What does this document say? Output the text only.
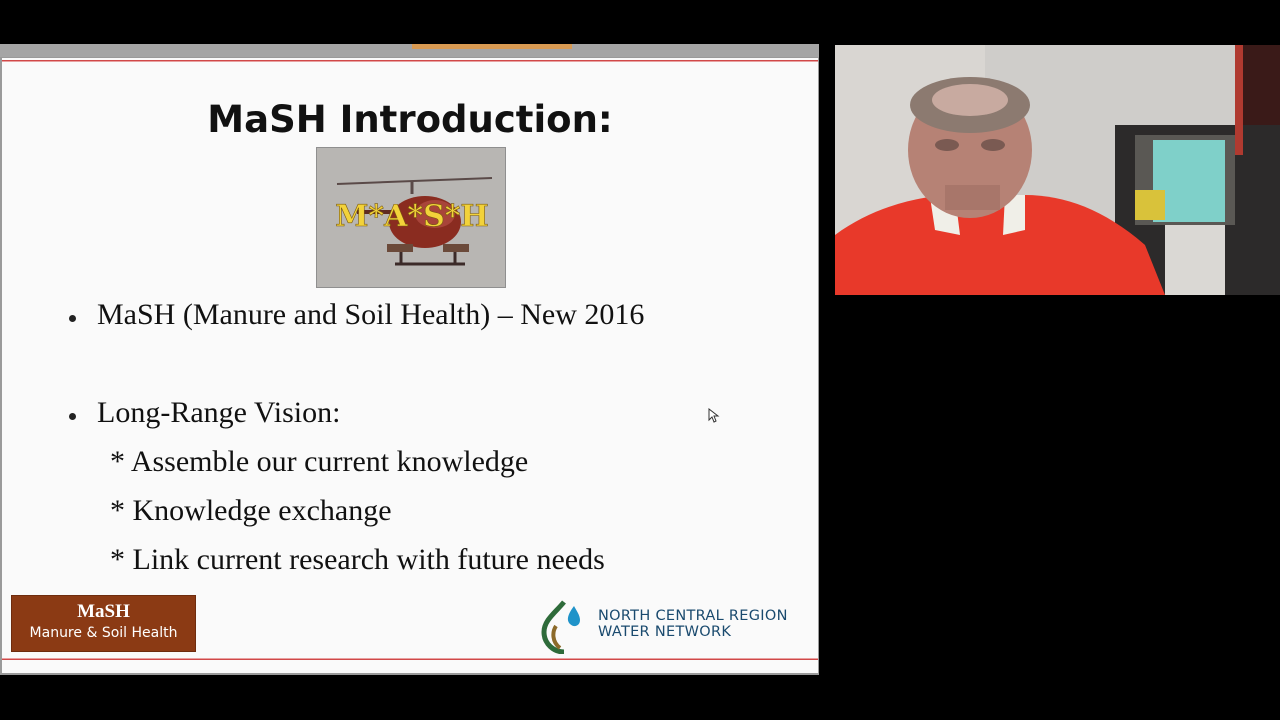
MaSH Introduction:
M*A*S*H
MaSH (Manure and Soil Health) – New 2016
Long-Range Vision:
* Assemble our current knowledge
* Knowledge exchange
* Link current research with future needs
MaSH
Manure & Soil Health
NORTH CENTRAL REGION
WATER NETWORK
